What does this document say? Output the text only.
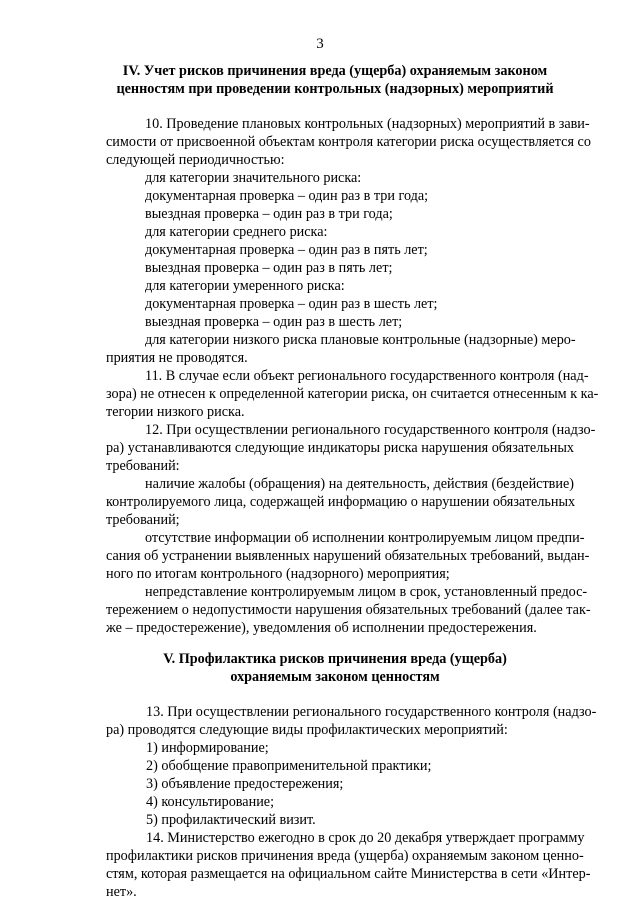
3
IV. Учет рисков причинения вреда (ущерба) охраняемым законом
ценностям при проведении контрольных (надзорных) мероприятий
10. Проведение плановых контрольных (надзорных) мероприятий в зави-
симости от присвоенной объектам контроля категории риска осуществляется со
следующей периодичностью:
для категории значительного риска:
документарная проверка – один раз в три года;
выездная проверка – один раз в три года;
для категории среднего риска:
документарная проверка – один раз в пять лет;
выездная проверка – один раз в пять лет;
для категории умеренного риска:
документарная проверка – один раз в шесть лет;
выездная проверка – один раз в шесть лет;
для категории низкого риска плановые контрольные (надзорные) меро-
приятия не проводятся.
11. В случае если объект регионального государственного контроля (над-
зора) не отнесен к определенной категории риска, он считается отнесенным к ка-
тегории низкого риска.
12. При осуществлении регионального государственного контроля (надзо-
ра) устанавливаются следующие индикаторы риска нарушения обязательных
требований:
наличие жалобы (обращения) на деятельность, действия (бездействие)
контролируемого лица, содержащей информацию о нарушении обязательных
требований;
отсутствие информации об исполнении контролируемым лицом предпи-
сания об устранении выявленных нарушений обязательных требований, выдан-
ного по итогам контрольного (надзорного) мероприятия;
непредставление контролируемым лицом в срок, установленный предос-
тережением о недопустимости нарушения обязательных требований (далее так-
же – предостережение), уведомления об исполнении предостережения.
V. Профилактика рисков причинения вреда (ущерба)
охраняемым законом ценностям
13. При осуществлении регионального государственного контроля (надзо-
ра) проводятся следующие виды профилактических мероприятий:
1) информирование;
2) обобщение правоприменительной практики;
3) объявление предостережения;
4) консультирование;
5) профилактический визит.
14. Министерство ежегодно в срок до 20 декабря утверждает программу
профилактики рисков причинения вреда (ущерба) охраняемым законом ценно-
стям, которая размещается на официальном сайте Министерства в сети «Интер-
нет».
